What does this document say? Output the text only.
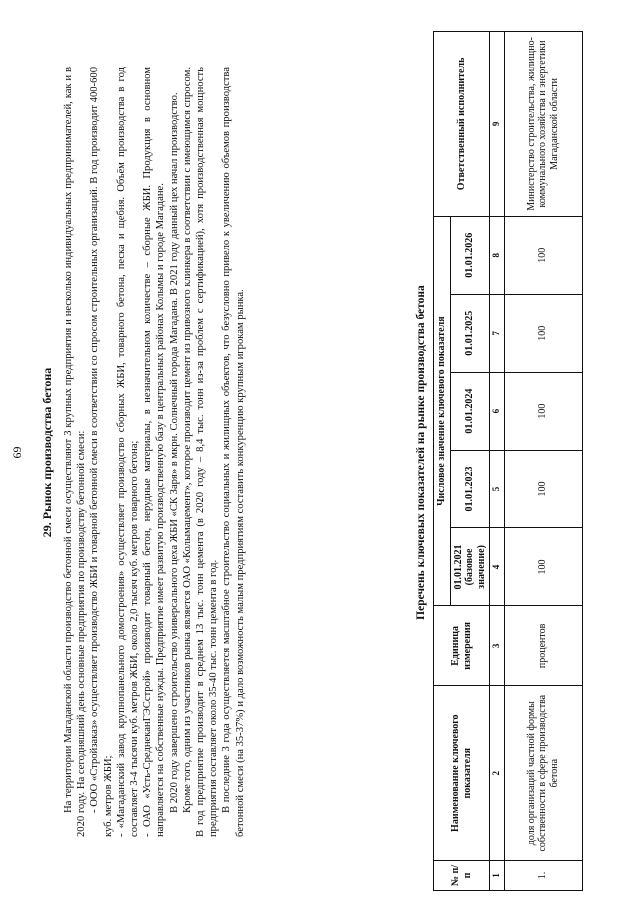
69 29. Рынок производства бетона На территории Магаданской области производство бетонной смеси осуществляют 3 крупных предприятия и несколько индивидуальных предпринимателей, как и в 2020 году. На сегодняшний день основные предприятия по производству бетонной смеси: - ООО «Стройзаказ» осуществляет производство ЖБИ и товарной бетонной смеси в соответствии со спросом строительных организаций. В год производит 400-600 куб. метров ЖБИ; - «Магаданский завод крупнопанельного домостроения» осуществляет производство сборных ЖБИ, товарного бетона, песка и щебня. Объём производства в год составляет 3-4 тысячи куб. метров ЖБИ, около 2,0 тысяч куб. метров товарного бетона; - ОАО «Усть-СреднеканГЭСстрой» производит товарный бетон, нерудные материалы, в незначительном количестве – сборные ЖБИ. Продукция в основном направляется на собственные нужды. Предприятие имеет развитую производственную базу в центральных районах Колымы и городе Магадане. В 2020 году завершено строительство универсального цеха ЖБИ «СК Заря» в мкрн. Солнечный города Магадана. В 2021 году данный цех начал производство. Кроме того, одним из участников рынка является ОАО «Колымацемент», которое производит цемент из привозного клинкера в соответствии с имеющимся спросом. В год предприятие производит в среднем 13 тыс. тонн цемента (в 2020 году – 8,4 тыс. тонн из-за проблем с сертификацией), хотя производственная мощность предприятия составляет около 35-40 тыс. тонн цемента в год. В последние 3 года осуществляется масштабное строительство социальных и жилищных объектов, что безусловно привело к увеличению объемов производства бетонной смеси (на 35-37%) и дало возможность малым предприятиям составить конкуренцию крупным игрокам рынка.	Перечень ключевых показателей на рынке производства бетона
№ п/п	Наименование ключевого показателя	Единица измерения	Числовое значение ключевого показателя					Ответственный исполнитель
			01.01.2021 (базовое значение)	01.01.2023	01.01.2024	01.01.2025	01.01.2026	
1	2	3	4	5	6	7	8	9
1.	доля организаций частной формы собственности в сфере производства бетона	процентов	100	100	100	100	100	Министерство строительства, жилищно-коммунального хозяйства и энергетики Магаданской области
